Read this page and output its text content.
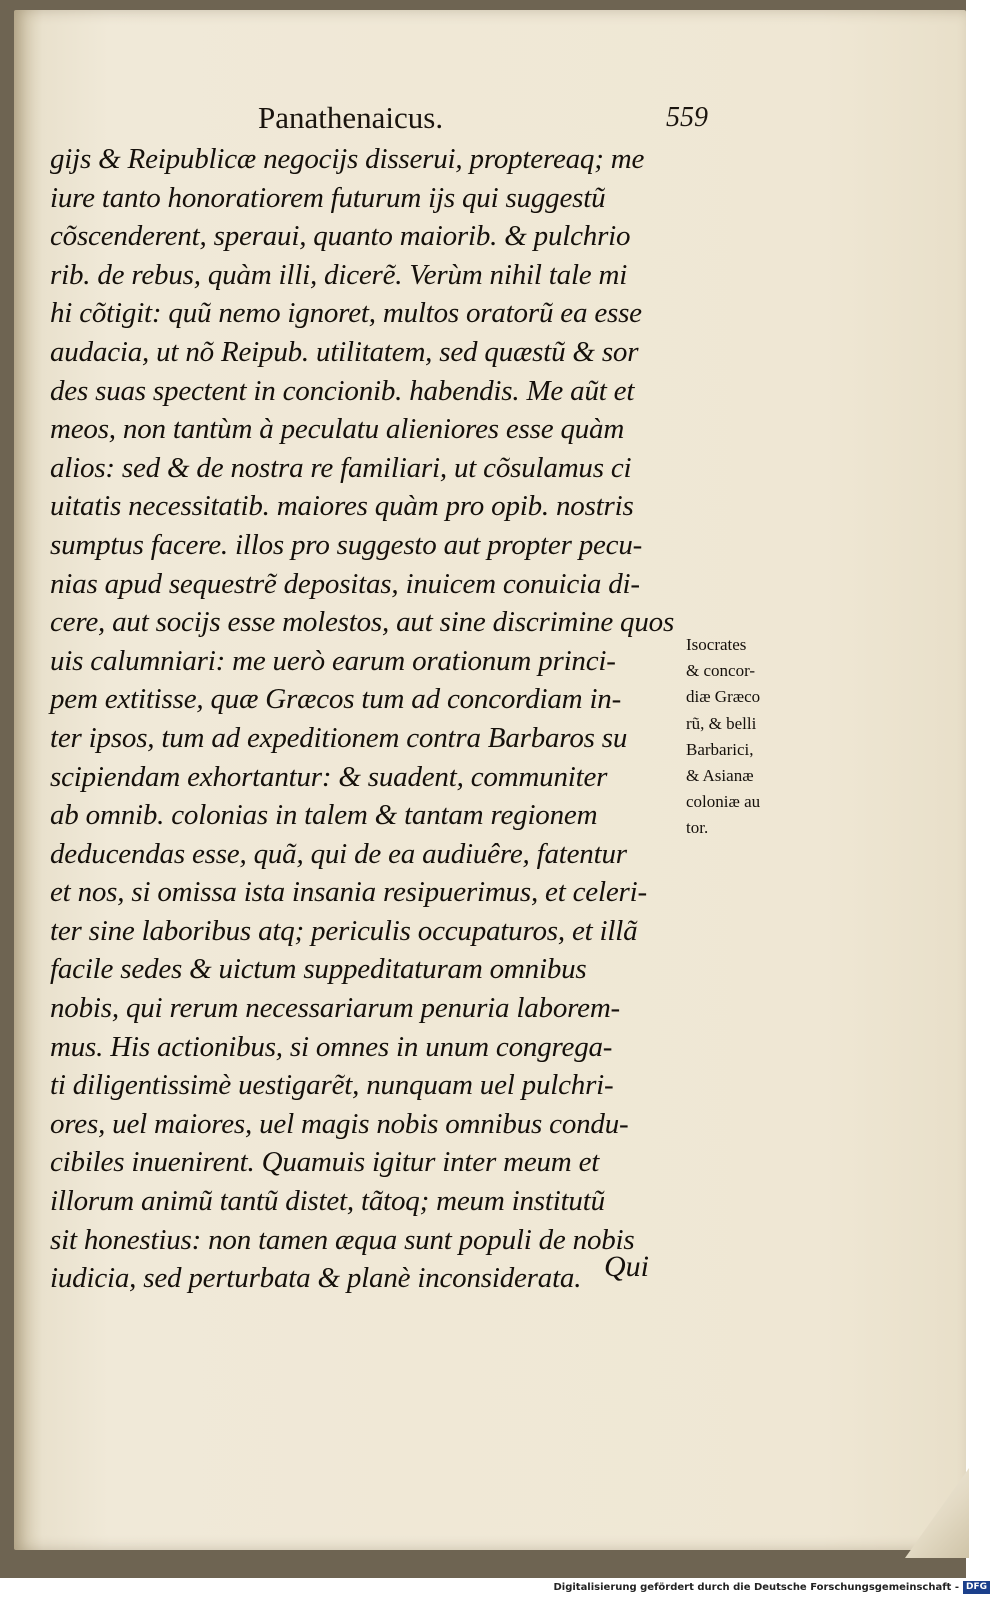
Panathenaicus.	559
gijs & Reipublicæ negocijs disserui, proptereaq; me
iure tanto honoratiorem futurum ijs qui suggestũ
cõscenderent, speraui, quanto maiorib. & pulchrio
rib. de rebus, quàm illi, dicerẽ. Verùm nihil tale mi
hi cõtigit: quũ nemo ignoret, multos oratorũ ea esse
audacia, ut nõ Reipub. utilitatem, sed quæstũ & sor
des suas spectent in concionib. habendis. Me aũt et
meos, non tantùm à peculatu alieniores esse quàm
alios: sed & de nostra re familiari, ut cõsulamus ci
uitatis necessitatib. maiores quàm pro opib. nostris
sumptus facere. illos pro suggesto aut propter pecu-
nias apud sequestrẽ depositas, inuicem conuicia di-
cere, aut socijs esse molestos, aut sine discrimine quos
uis calumniari: me uerò earum orationum princi-
pem extitisse, quæ Græcos tum ad concordiam in-
ter ipsos, tum ad expeditionem contra Barbaros su
scipiendam exhortantur: & suadent, communiter
ab omnib. colonias in talem & tantam regionem
deducendas esse, quã, qui de ea audiuêre, fatentur
et nos, si omissa ista insania resipuerimus, et celeri-
ter sine laboribus atq; periculis occupaturos, et illã
facile sedes & uictum suppeditaturam omnibus
nobis, qui rerum necessariarum penuria laborem-
mus. His actionibus, si omnes in unum congrega-
ti diligentissimè uestigarẽt, nunquam uel pulchri-
ores, uel maiores, uel magis nobis omnibus condu-
cibiles inuenirent. Quamuis igitur inter meum et
illorum animũ tantũ distet, tãtoq; meum institutũ
sit honestius: non tamen æqua sunt populi de nobis
iudicia, sed perturbata & planè inconsiderata. Qui
Isocrates
& concor-
diæ Græco
rũ, & belli
Barbarici,
& Asianæ
coloniæ au
tor.
Digitalisierung gefördert durch die Deutsche Forschungsgemeinschaft - DFG
